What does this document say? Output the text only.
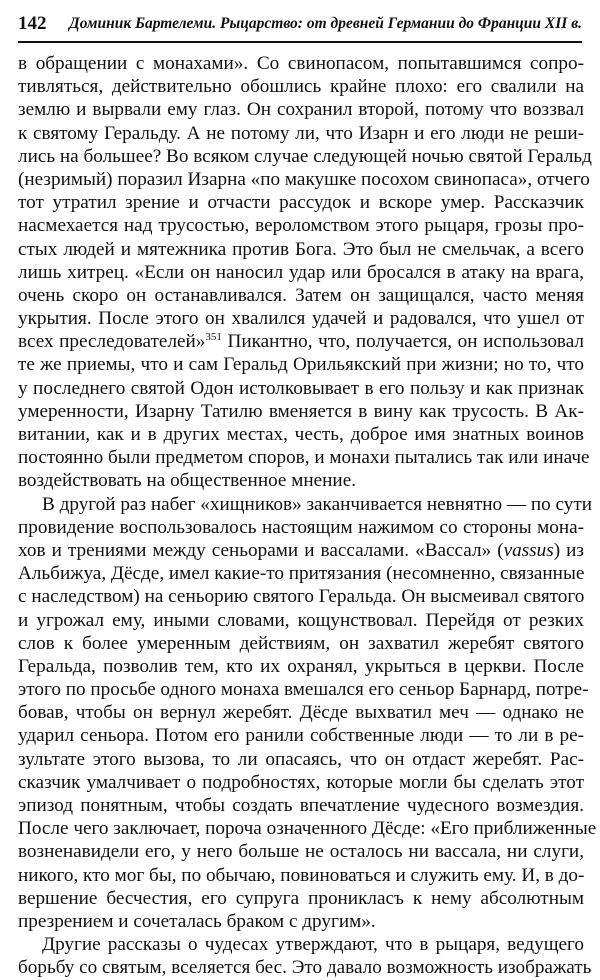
142 Доминик Бартелеми. Рыцарство: от древней Германии до Франции XII в.
в обращении с монахами». Со свинопасом, попытавшимся сопро-
тивляться, действительно обошлись крайне плохо: его свалили на
землю и вырвали ему глаз. Он сохранил второй, потому что воззвал
к святому Геральду. А не потому ли, что Изарн и его люди не реши-
лись на большее? Во всяком случае следующей ночью святой Геральд
(незримый) поразил Изарна «по макушке посохом свинопаса», отчего
тот утратил зрение и отчасти рассудок и вскоре умер. Рассказчик
насмехается над трусостью, вероломством этого рыцаря, грозы про-
стых людей и мятежника против Бога. Это был не смельчак, а всего
лишь хитрец. «Если он наносил удар или бросался в атаку на врага,
очень скоро он останавливался. Затем он защищался, часто меняя
укрытия. После этого он хвалился удачей и радовался, что ушел от
всех преследователей»$^{351}$ Пикантно, что, получается, он использовал
те же приемы, что и сам Геральд Орильякский при жизни; но то, что
у последнего святой Одон истолковывает в его пользу и как признак
умеренности, Изарну Татилю вменяется в вину как трусость. В Ак-
витании, как и в других местах, честь, доброе имя знатных воинов
постоянно были предметом споров, и монахи пытались так или иначе
воздействовать на общественное мнение.
В другой раз набег «хищников» заканчивается невнятно — по сути
провидение воспользовалось настоящим нажимом со стороны мона-
хов и трениями между сеньорами и вассалами. «Вассал» (vassus) из
Альбижуа, Дёсде, имел какие-то притязания (несомненно, связанные
с наследством) на сеньорию святого Геральда. Он высмеивал святого
и угрожал ему, иными словами, кощунствовал. Перейдя от резких
слов к более умеренным действиям, он захватил жеребят святого
Геральда, позволив тем, кто их охранял, укрыться в церкви. После
этого по просьбе одного монаха вмешался его сеньор Барнард, потре-
бовав, чтобы он вернул жеребят. Дёсде выхватил меч — однако не
ударил сеньора. Потом его ранили собственные люди — то ли в ре-
зультате этого вызова, то ли опасаясь, что он отдаст жеребят. Рас-
сказчик умалчивает о подробностях, которые могли бы сделать этот
эпизод понятным, чтобы создать впечатление чудесного возмездия.
После чего заключает, пороча означенного Дёсде: «Его приближенные
возненавидели его, у него больше не осталось ни вассала, ни слуги,
никого, кто мог бы, по обычаю, повиноваться и служить ему. И, в до-
вершение бесчестия, его супруга проникласъ к нему абсолютным
презрением и сочеталась браком с другим».
Другие рассказы о чудесах утверждают, что в рыцаря, ведущего
борьбу со святым, вселяется бес. Это давало возможность изображать
